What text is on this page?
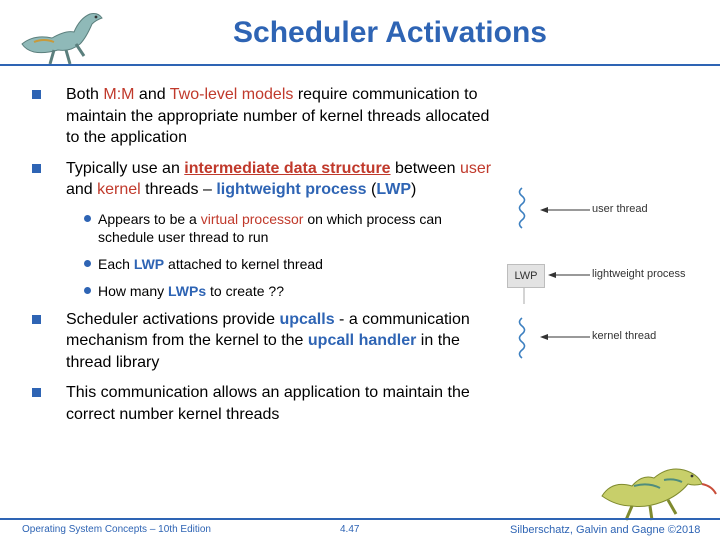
Scheduler Activations
Both M:M and Two-level models require communication to maintain the appropriate number of kernel threads allocated to the application
Typically use an intermediate data structure between user and kernel threads – lightweight process (LWP)
Appears to be a virtual processor on which process can schedule user thread to run
Each LWP attached to kernel thread
How many LWPs to create ??
Scheduler activations provide upcalls - a communication mechanism from the kernel to the upcall handler in the thread library
This communication allows an application to maintain the correct number kernel threads
user thread
LWP	lightweight process
kernel thread
Operating System Concepts – 10th Edition	4.47	Silberschatz, Galvin and Gagne ©2018
